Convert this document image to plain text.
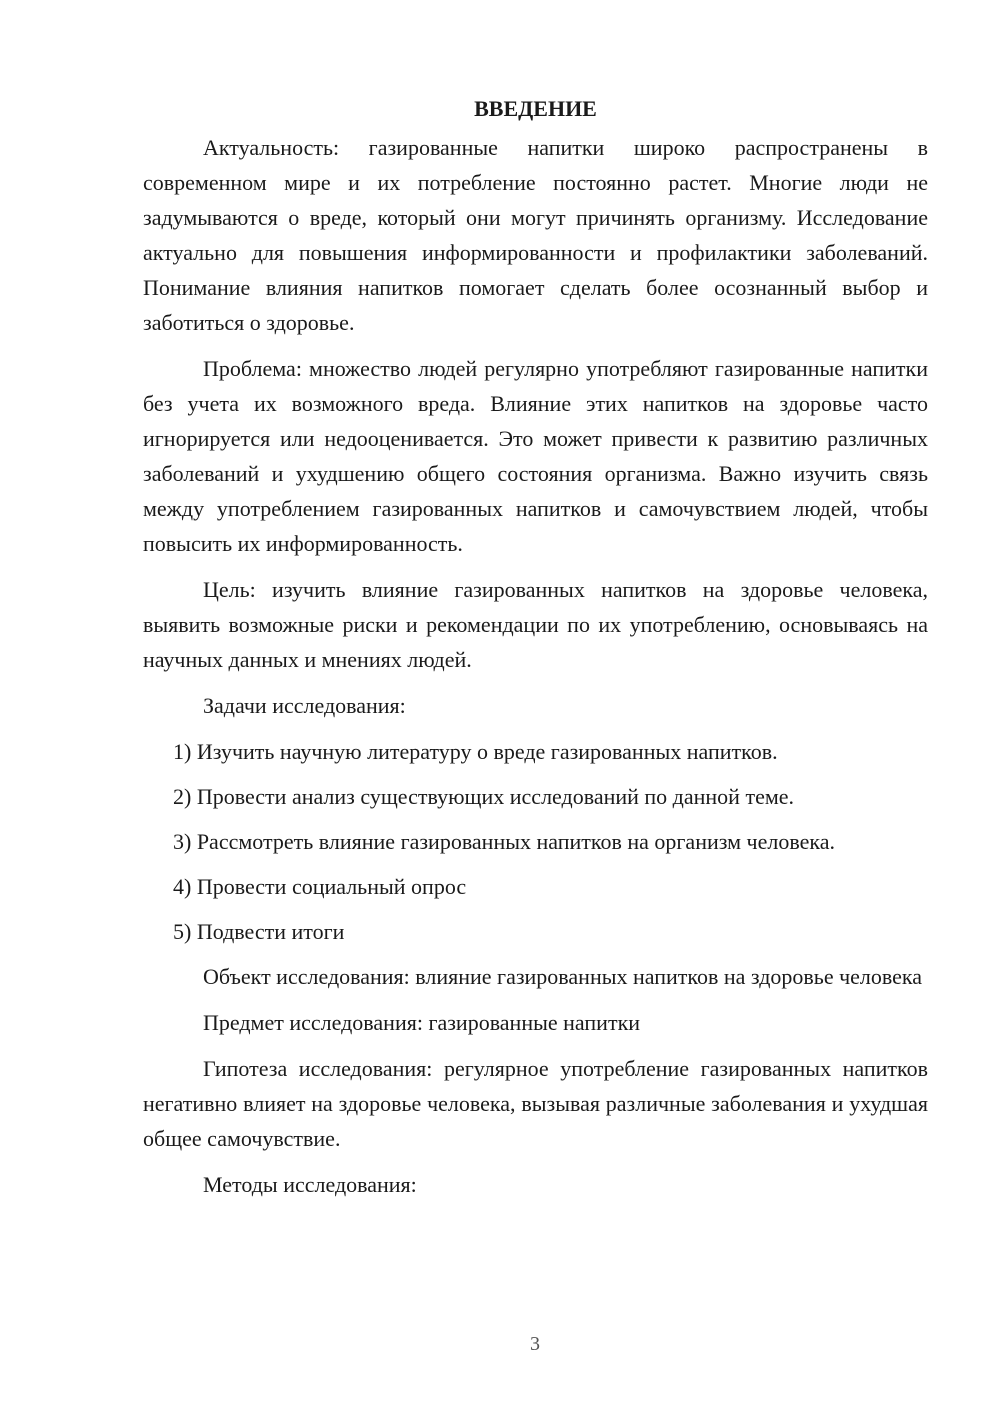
ВВЕДЕНИЕ

Актуальность: газированные напитки широко распространены в современном мире и их потребление постоянно растет. Многие люди не задумываются о вреде, который они могут причинять организму. Исследование актуально для повышения информированности и профилактики заболеваний. Понимание влияния напитков помогает сделать более осознанный выбор и заботиться о здоровье.

Проблема: множество людей регулярно употребляют газированные напитки без учета их возможного вреда. Влияние этих напитков на здоровье часто игнорируется или недооценивается. Это может привести к развитию различных заболеваний и ухудшению общего состояния организма. Важно изучить связь между употреблением газированных напитков и самочувствием людей, чтобы повысить их информированность.

Цель: изучить влияние газированных напитков на здоровье человека, выявить возможные риски и рекомендации по их употреблению, основываясь на научных данных и мнениях людей.

Задачи исследования:

1) Изучить научную литературу о вреде газированных напитков.
2) Провести анализ существующих исследований по данной теме.
3) Рассмотреть влияние газированных напитков на организм человека.
4) Провести социальный опрос
5) Подвести итоги

Объект исследования: влияние газированных напитков на здоровье человека

Предмет исследования: газированные напитки

Гипотеза исследования: регулярное употребление газированных напитков негативно влияет на здоровье человека, вызывая различные заболевания и ухудшая общее самочувствие.

Методы исследования:

3
